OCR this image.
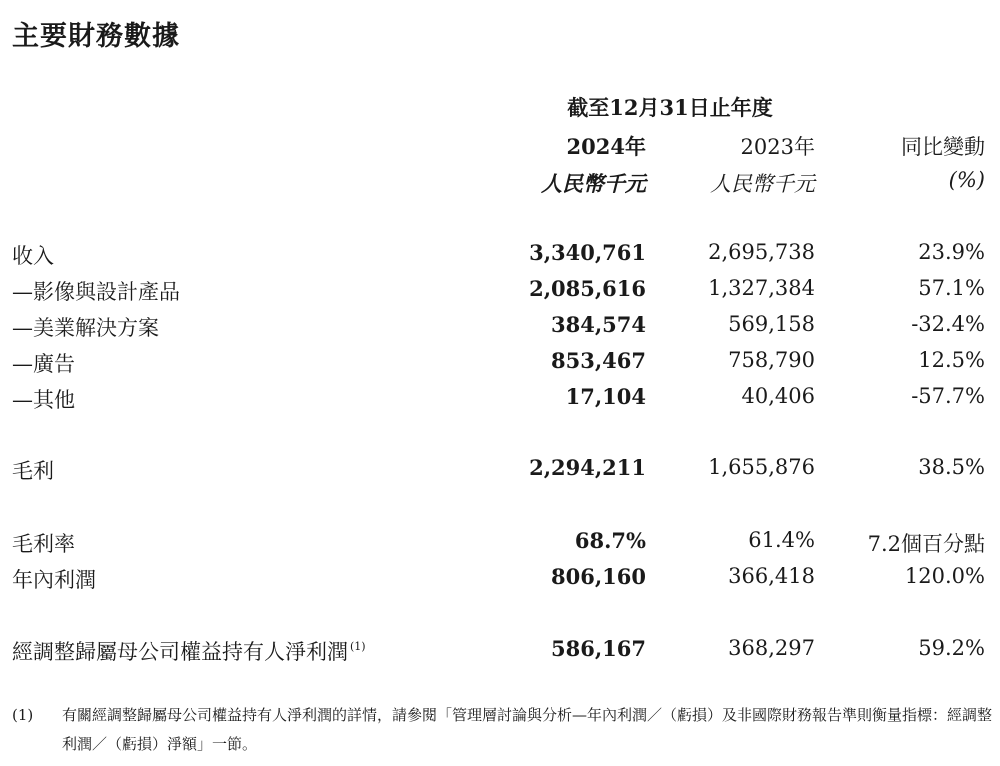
主要財務數據
截至12月31日止年度
2024年	2023年	同比變動
人民幣千元	人民幣千元	(%)
收入	3,340,761	2,695,738	23.9%
—影像與設計產品	2,085,616	1,327,384	57.1%
—美業解決方案	384,574	569,158	-32.4%
—廣告	853,467	758,790	12.5%
—其他	17,104	40,406	-57.7%
毛利	2,294,211	1,655,876	38.5%
毛利率	68.7%	61.4%	7.2個百分點
年內利潤	806,160	366,418	120.0%
經調整歸屬母公司權益持有人淨利潤 $^{(1)}$	586,167	368,297	59.2%
(1) 有關經調整歸屬母公司權益持有人淨利潤的詳情，請參閱「管理層討論與分析—年內利潤／（虧損）及非國際財務報告準則衡量指標：經調整利潤／（虧損）淨額」一節。
